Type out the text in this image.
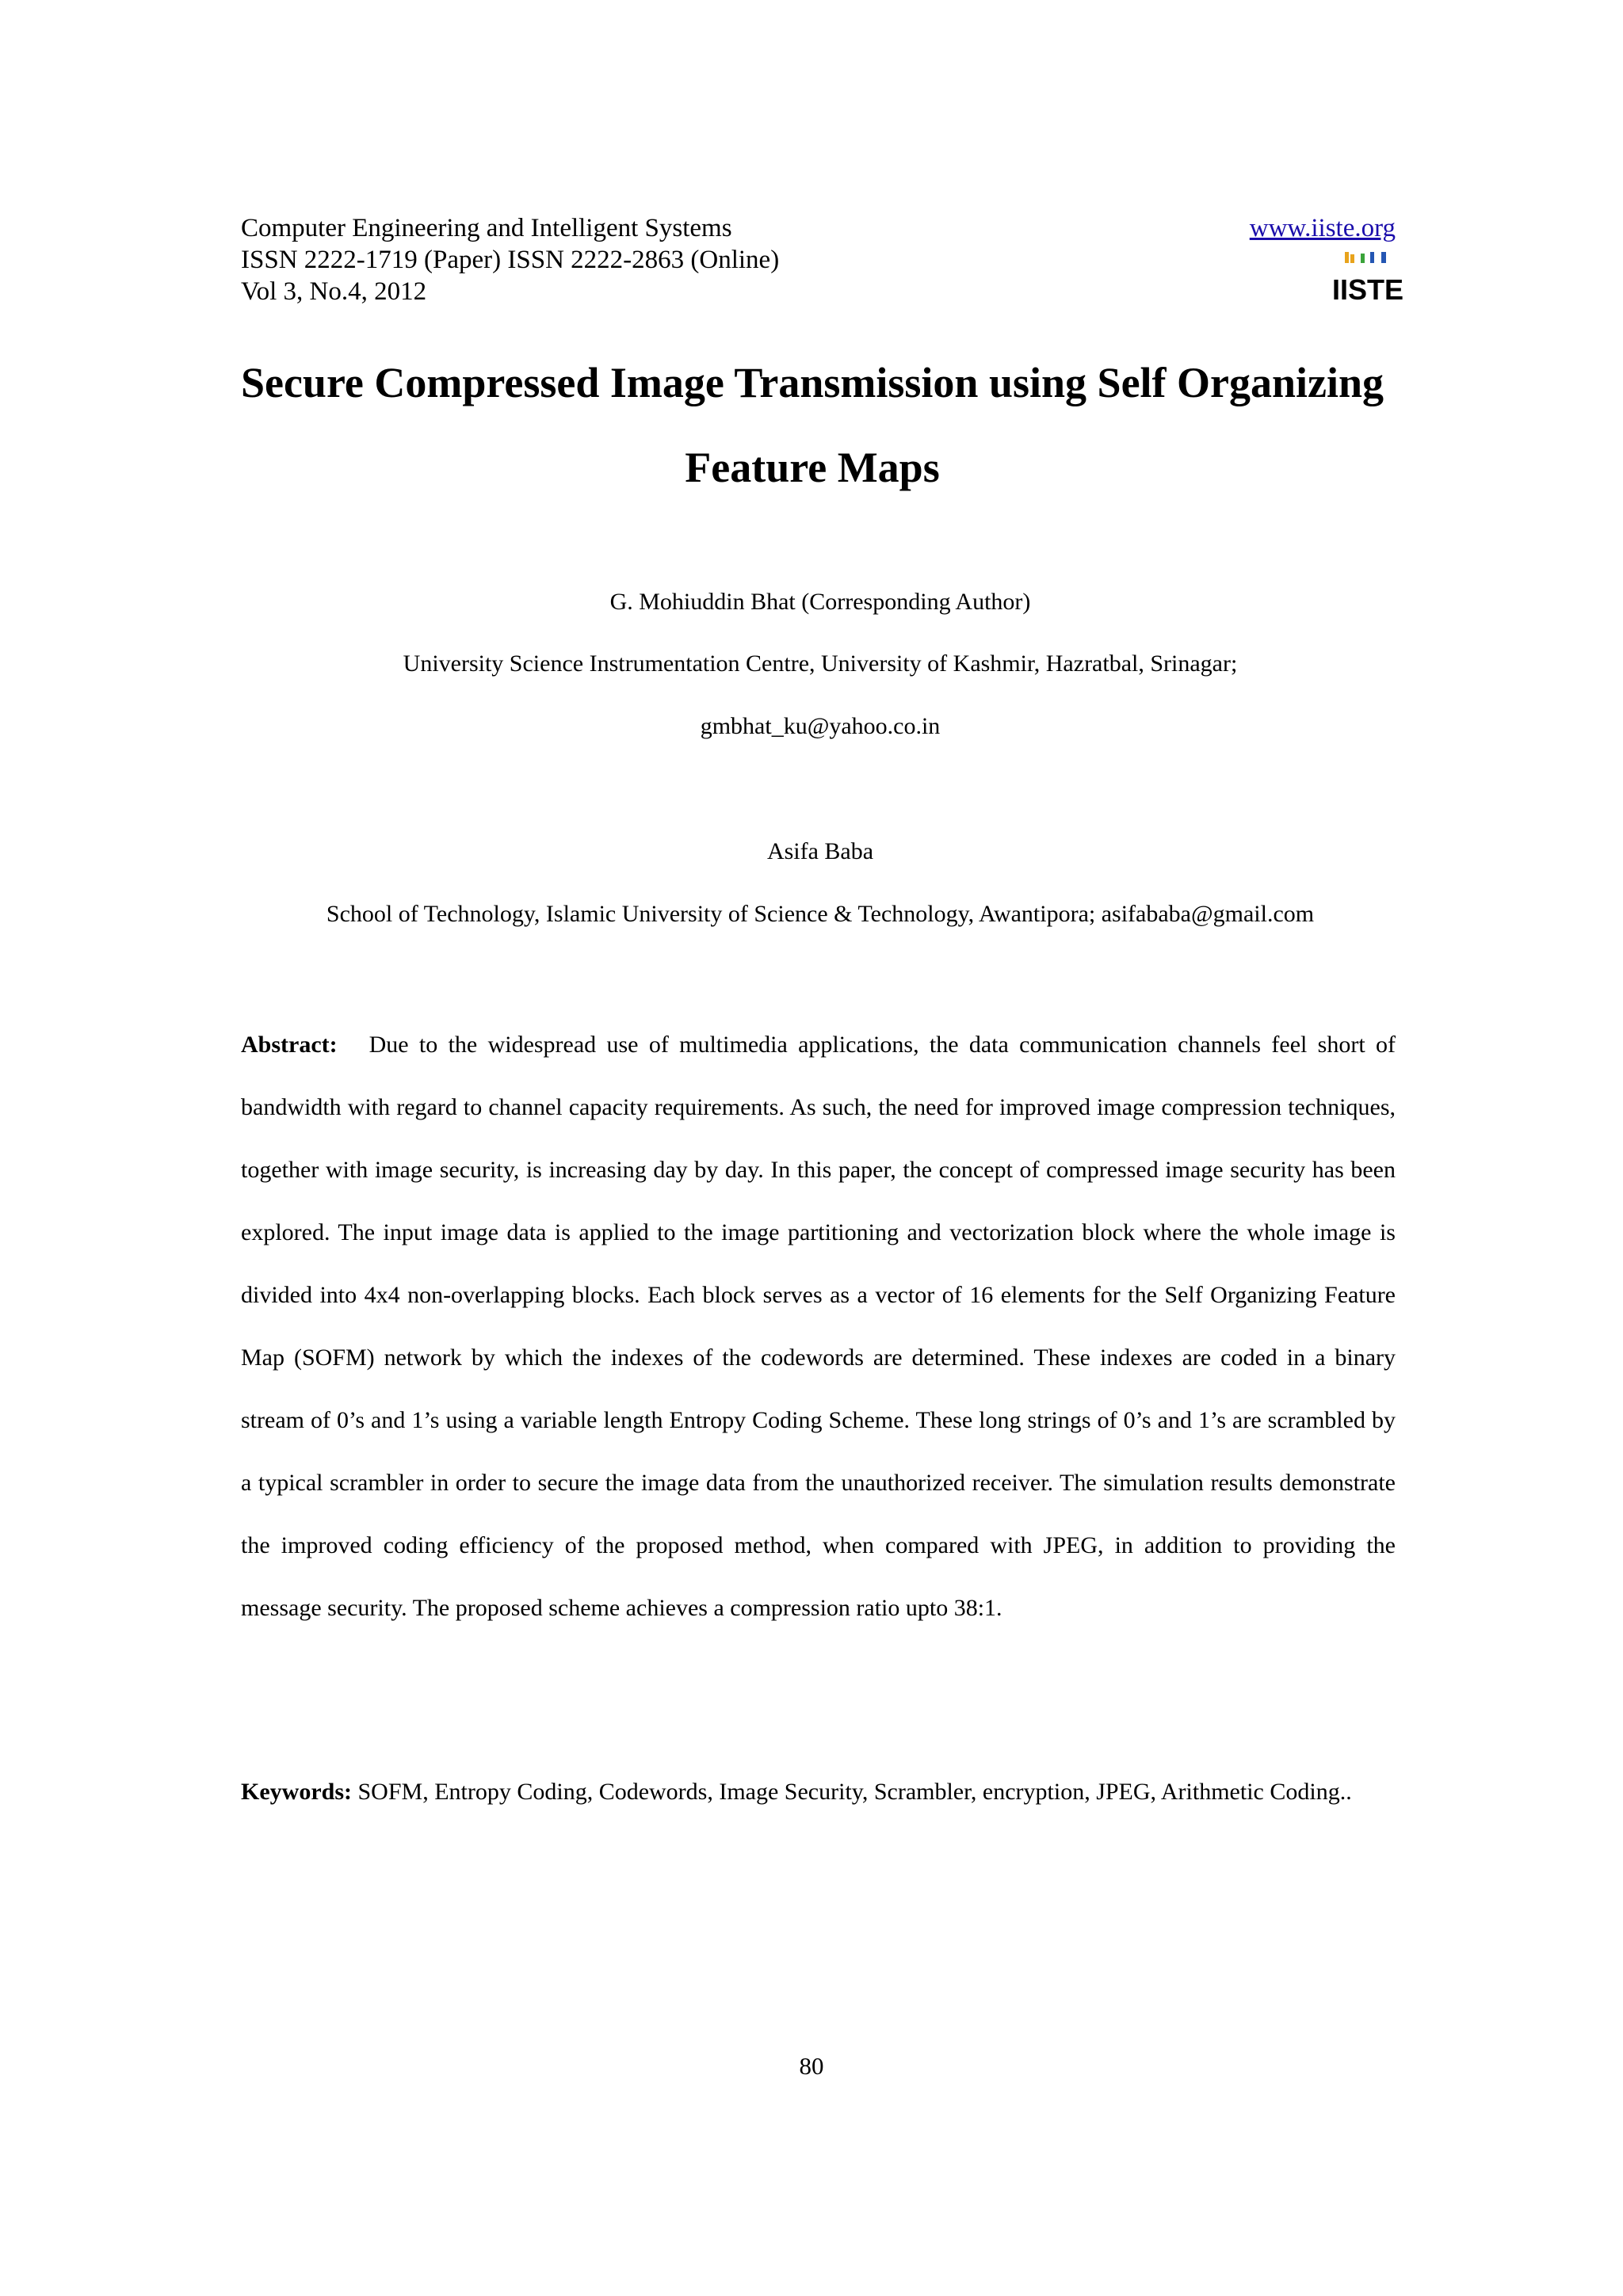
Computer Engineering and Intelligent Systems
ISSN 2222-1719 (Paper) ISSN 2222-2863 (Online)
Vol 3, No.4, 2012
www.iiste.org
IISTE
Secure Compressed Image Transmission using Self Organizing
Feature Maps
G. Mohiuddin Bhat (Corresponding Author)
University Science Instrumentation Centre, University of Kashmir, Hazratbal, Srinagar;
gmbhat_ku@yahoo.co.in
Asifa Baba
School of Technology, Islamic University of Science & Technology, Awantipora; asifababa@gmail.com
Abstract: Due to the widespread use of multimedia applications, the data communication channels feel short of bandwidth with regard to channel capacity requirements. As such, the need for improved image compression techniques, together with image security, is increasing day by day. In this paper, the concept of compressed image security has been explored. The input image data is applied to the image partitioning and vectorization block where the whole image is divided into 4x4 non-overlapping blocks. Each block serves as a vector of 16 elements for the Self Organizing Feature Map (SOFM) network by which the indexes of the codewords are determined. These indexes are coded in a binary stream of 0’s and 1’s using a variable length Entropy Coding Scheme. These long strings of 0’s and 1’s are scrambled by a typical scrambler in order to secure the image data from the unauthorized receiver. The simulation results demonstrate the improved coding efficiency of the proposed method, when compared with JPEG, in addition to providing the message security. The proposed scheme achieves a compression ratio upto 38:1.
Keywords: SOFM, Entropy Coding, Codewords, Image Security, Scrambler, encryption, JPEG, Arithmetic Coding..
80
